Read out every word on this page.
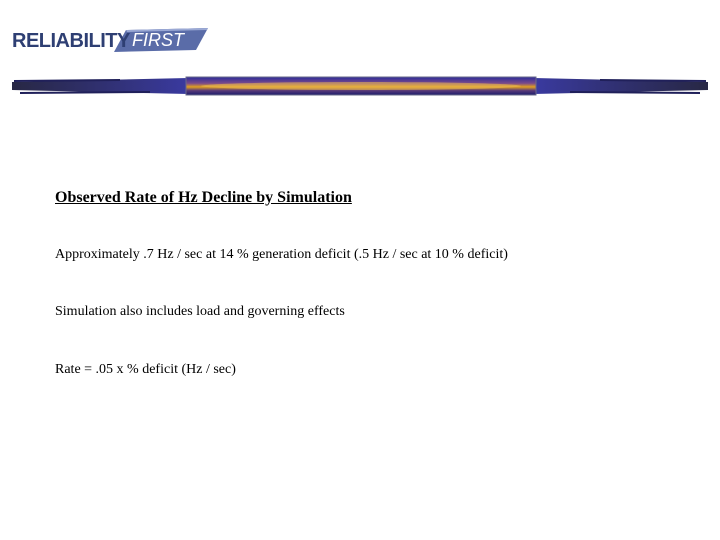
RELIABILITY FIRST

Observed Rate of Hz Decline by Simulation

Approximately .7 Hz / sec at 14 % generation deficit (.5 Hz / sec at 10 % deficit)

Simulation also includes load and governing effects

Rate = .05 x % deficit (Hz / sec)
